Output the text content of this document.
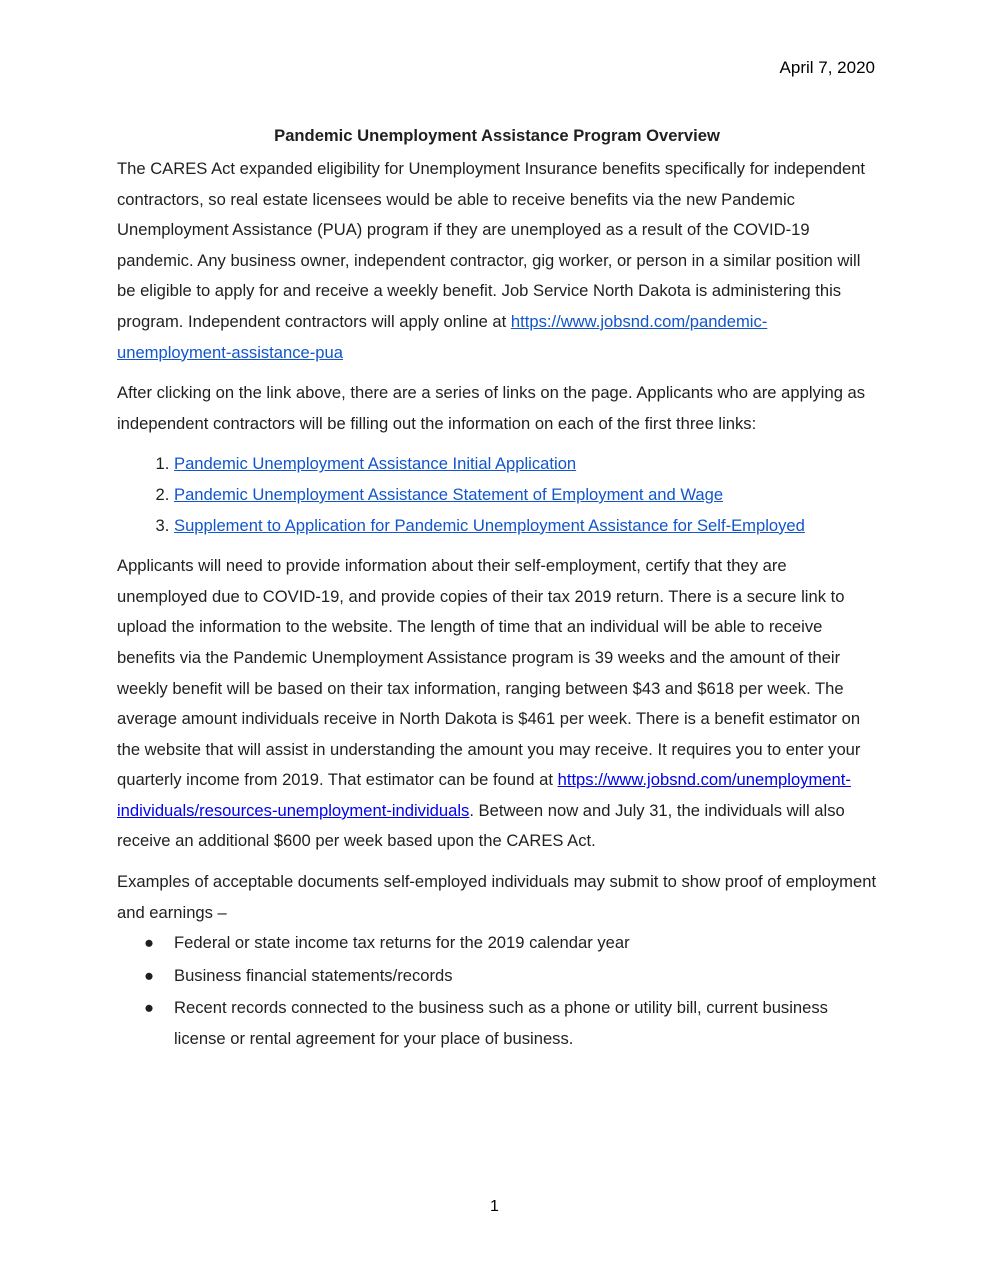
April 7, 2020
Pandemic Unemployment Assistance Program Overview

The CARES Act expanded eligibility for Unemployment Insurance benefits specifically for independent contractors, so real estate licensees would be able to receive benefits via the new Pandemic Unemployment Assistance (PUA) program if they are unemployed as a result of the COVID-19 pandemic. Any business owner, independent contractor, gig worker, or person in a similar position will be eligible to apply for and receive a weekly benefit. Job Service North Dakota is administering this program. Independent contractors will apply online at https://www.jobsnd.com/pandemic-unemployment-assistance-pua

After clicking on the link above, there are a series of links on the page. Applicants who are applying as independent contractors will be filling out the information on each of the first three links:

1. Pandemic Unemployment Assistance Initial Application
2. Pandemic Unemployment Assistance Statement of Employment and Wage
3. Supplement to Application for Pandemic Unemployment Assistance for Self-Employed

Applicants will need to provide information about their self-employment, certify that they are unemployed due to COVID-19, and provide copies of their tax 2019 return. There is a secure link to upload the information to the website. The length of time that an individual will be able to receive benefits via the Pandemic Unemployment Assistance program is 39 weeks and the amount of their weekly benefit will be based on their tax information, ranging between $43 and $618 per week. The average amount individuals receive in North Dakota is $461 per week. There is a benefit estimator on the website that will assist in understanding the amount you may receive. It requires you to enter your quarterly income from 2019. That estimator can be found at https://www.jobsnd.com/unemployment-individuals/resources-unemployment-individuals. Between now and July 31, the individuals will also receive an additional $600 per week based upon the CARES Act.

Examples of acceptable documents self-employed individuals may submit to show proof of employment and earnings –

● Federal or state income tax returns for the 2019 calendar year
● Business financial statements/records
● Recent records connected to the business such as a phone or utility bill, current business license or rental agreement for your place of business.
1
